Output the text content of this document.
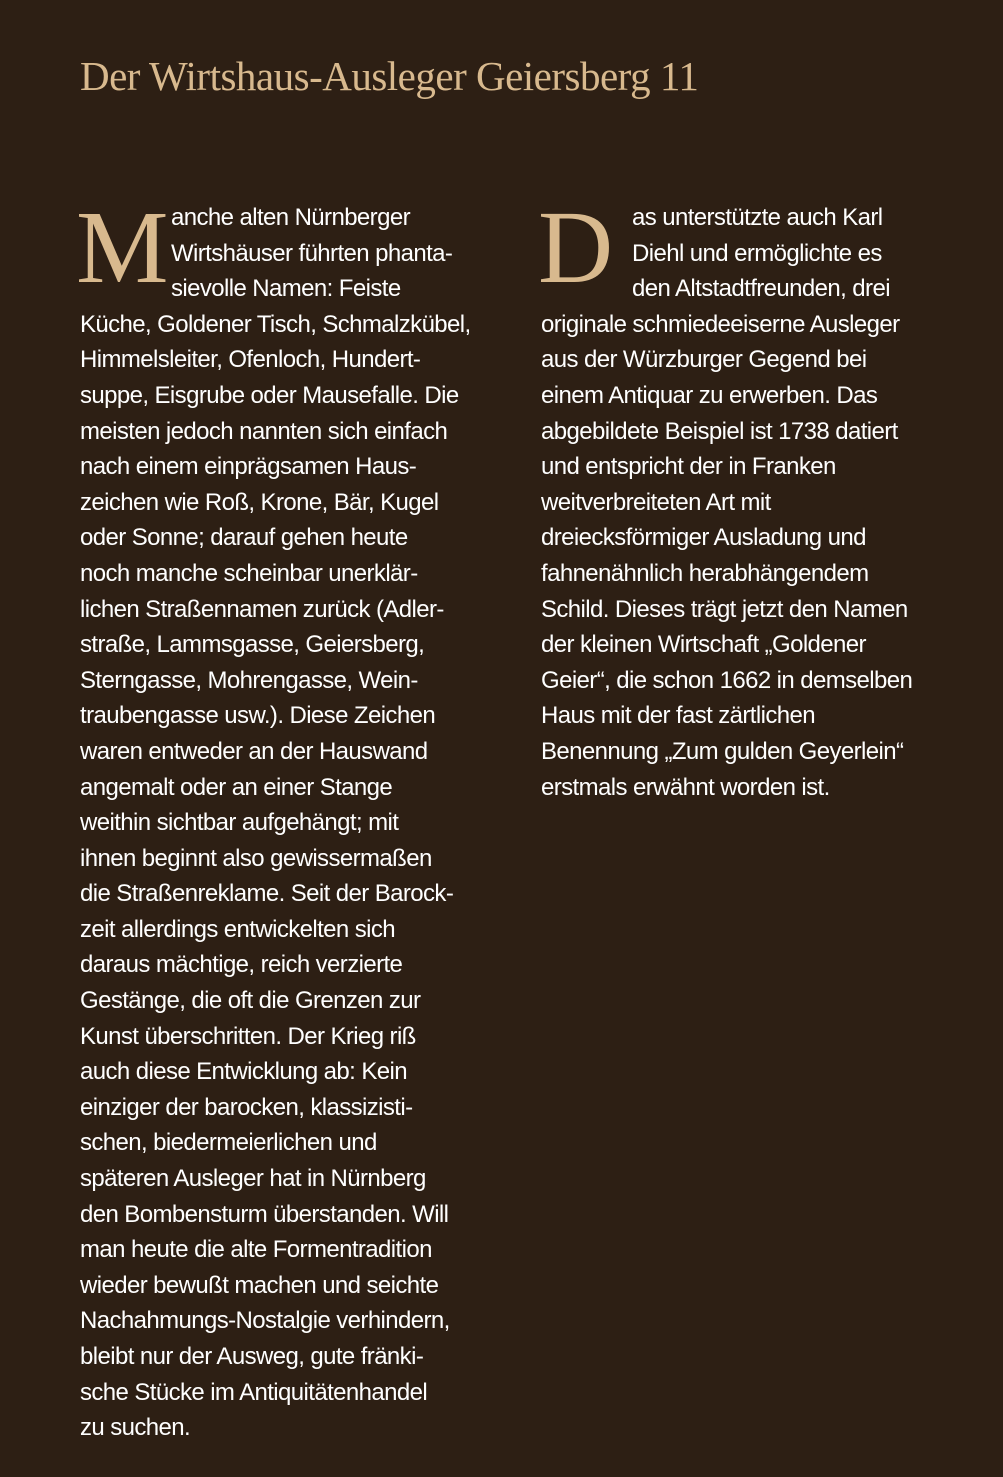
Der Wirtshaus-Ausleger Geiersberg 11
M anche alten Nürnberger
Wirtshäuser führten phanta-
sievolle Namen: Feiste
Küche, Goldener Tisch, Schmalzkübel,
Himmelsleiter, Ofenloch, Hundert-
suppe, Eisgrube oder Mausefalle. Die
meisten jedoch nannten sich einfach
nach einem einprägsamen Haus-
zeichen wie Roß, Krone, Bär, Kugel
oder Sonne; darauf gehen heute
noch manche scheinbar unerklär-
lichen Straßennamen zurück (Adler-
straße, Lammsgasse, Geiersberg,
Sterngasse, Mohrengasse, Wein-
traubengasse usw.). Diese Zeichen
waren entweder an der Hauswand
angemalt oder an einer Stange
weithin sichtbar aufgehängt; mit
ihnen beginnt also gewissermaßen
die Straßenreklame. Seit der Barock-
zeit allerdings entwickelten sich
daraus mächtige, reich verzierte
Gestänge, die oft die Grenzen zur
Kunst überschritten. Der Krieg riß
auch diese Entwicklung ab: Kein
einziger der barocken, klassizisti-
schen, biedermeierlichen und
späteren Ausleger hat in Nürnberg
den Bombensturm überstanden. Will
man heute die alte Formentradition
wieder bewußt machen und seichte
Nachahmungs-Nostalgie verhindern,
bleibt nur der Ausweg, gute fränki-
sche Stücke im Antiquitätenhandel
zu suchen.
D as unterstützte auch Karl
Diehl und ermöglichte es
den Altstadtfreunden, drei
originale schmiedeeiserne Ausleger
aus der Würzburger Gegend bei
einem Antiquar zu erwerben. Das
abgebildete Beispiel ist 1738 datiert
und entspricht der in Franken
weitverbreiteten Art mit
dreiecksförmiger Ausladung und
fahnenähnlich herabhängendem
Schild. Dieses trägt jetzt den Namen
der kleinen Wirtschaft „Goldener
Geier“, die schon 1662 in demselben
Haus mit der fast zärtlichen
Benennung „Zum gulden Geyerlein“
erstmals erwähnt worden ist.
